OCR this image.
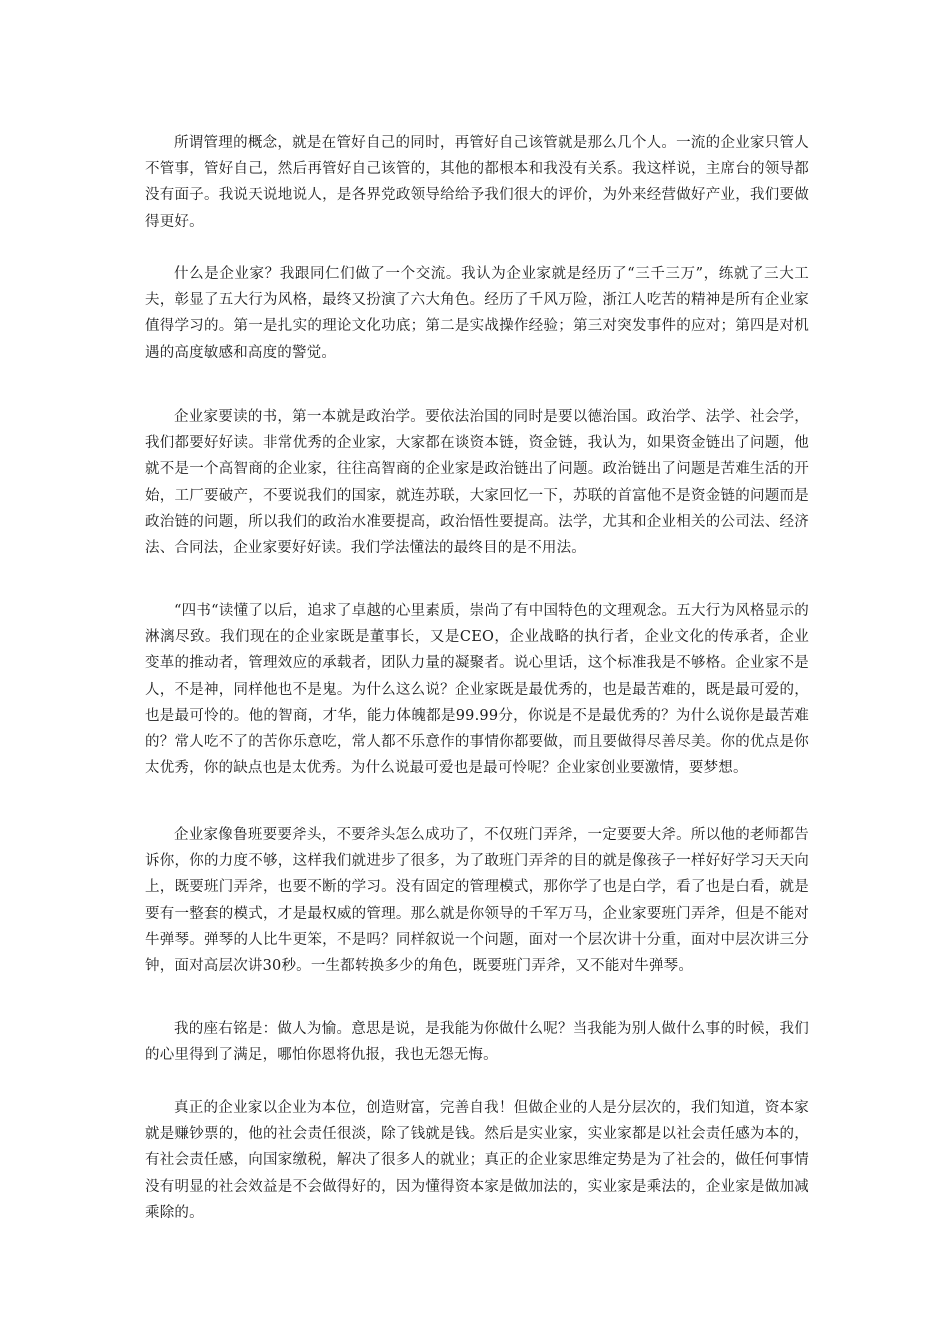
所谓管理的概念，就是在管好自己的同时，再管好自己该管就是那么几个人。一流的企业家只管人不管事，管好自己，然后再管好自己该管的，其他的都根本和我没有关系。我这样说，主席台的领导都没有面子。我说天说地说人，是各界党政领导给给予我们很大的评价，为外来经营做好产业，我们要做得更好。

什么是企业家？我跟同仁们做了一个交流。我认为企业家就是经历了“三千三万”，练就了三大工夫，彰显了五大行为风格，最终又扮演了六大角色。经历了千风万险，浙江人吃苦的精神是所有企业家值得学习的。第一是扎实的理论文化功底；第二是实战操作经验；第三对突发事件的应对；第四是对机遇的高度敏感和高度的警觉。

企业家要读的书，第一本就是政治学。要依法治国的同时是要以德治国。政治学、法学、社会学，我们都要好好读。非常优秀的企业家，大家都在谈资本链，资金链，我认为，如果资金链出了问题，他就不是一个高智商的企业家，往往高智商的企业家是政治链出了问题。政治链出了问题是苦难生活的开始，工厂要破产，不要说我们的国家，就连苏联，大家回忆一下，苏联的首富他不是资金链的问题而是政治链的问题，所以我们的政治水准要提高，政治悟性要提高。法学，尤其和企业相关的公司法、经济法、合同法，企业家要好好读。我们学法懂法的最终目的是不用法。

“四书“读懂了以后，追求了卓越的心里素质，崇尚了有中国特色的文理观念。五大行为风格显示的淋漓尽致。我们现在的企业家既是董事长，又是CEO，企业战略的执行者，企业文化的传承者，企业变革的推动者，管理效应的承载者，团队力量的凝聚者。说心里话，这个标准我是不够格。企业家不是人，不是神，同样他也不是鬼。为什么这么说？企业家既是最优秀的，也是最苦难的，既是最可爱的，也是最可怜的。他的智商，才华，能力体魄都是99.99分，你说是不是最优秀的？为什么说你是最苦难的？常人吃不了的苦你乐意吃，常人都不乐意作的事情你都要做，而且要做得尽善尽美。你的优点是你太优秀，你的缺点也是太优秀。为什么说最可爱也是最可怜呢？企业家创业要激情，要梦想。

企业家像鲁班要要斧头，不要斧头怎么成功了，不仅班门弄斧，一定要要大斧。所以他的老师都告诉你，你的力度不够，这样我们就进步了很多，为了敢班门弄斧的目的就是像孩子一样好好学习天天向上，既要班门弄斧，也要不断的学习。没有固定的管理模式，那你学了也是白学，看了也是白看，就是要有一整套的模式，才是最权威的管理。那么就是你领导的千军万马，企业家要班门弄斧，但是不能对牛弹琴。弹琴的人比牛更笨，不是吗？同样叙说一个问题，面对一个层次讲十分重，面对中层次讲三分钟，面对高层次讲30秒。一生都转换多少的角色，既要班门弄斧，又不能对牛弹琴。

我的座右铭是：做人为愉。意思是说，是我能为你做什么呢？当我能为别人做什么事的时候，我们的心里得到了满足，哪怕你恩将仇报，我也无怨无悔。

真正的企业家以企业为本位，创造财富，完善自我！但做企业的人是分层次的，我们知道，资本家就是赚钞票的，他的社会责任很淡，除了钱就是钱。然后是实业家，实业家都是以社会责任感为本的，有社会责任感，向国家缴税，解决了很多人的就业；真正的企业家思维定势是为了社会的，做任何事情没有明显的社会效益是不会做得好的，因为懂得资本家是做加法的，实业家是乘法的，企业家是做加减乘除的。
